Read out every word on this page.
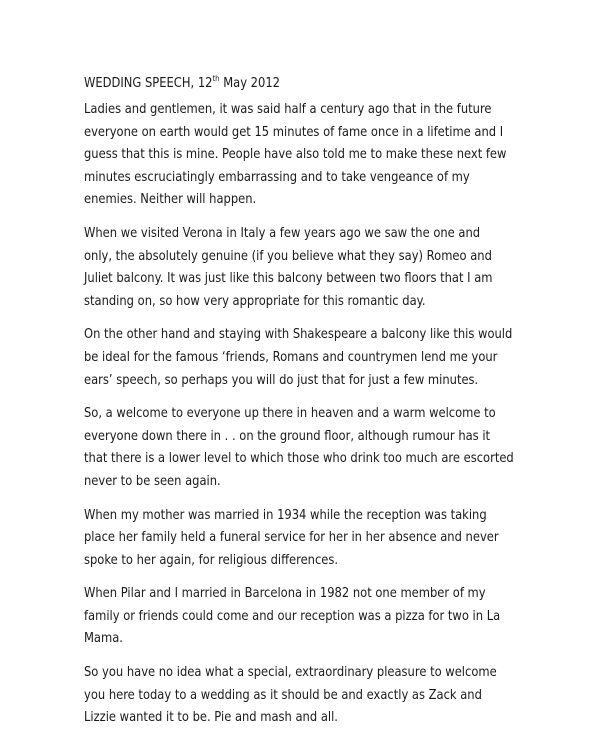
WEDDING SPEECH, 12th May 2012
Ladies and gentlemen, it was said half a century ago that in the future
everyone on earth would get 15 minutes of fame once in a lifetime and I
guess that this is mine. People have also told me to make these next few
minutes escruciatingly embarrassing and to take vengeance of my
enemies. Neither will happen.
When we visited Verona in Italy a few years ago we saw the one and
only, the absolutely genuine (if you believe what they say) Romeo and
Juliet balcony. It was just like this balcony between two floors that I am
standing on, so how very appropriate for this romantic day.
On the other hand and staying with Shakespeare a balcony like this would
be ideal for the famous ‘friends, Romans and countrymen lend me your
ears’ speech, so perhaps you will do just that for just a few minutes.
So, a welcome to everyone up there in heaven and a warm welcome to
everyone down there in . . on the ground floor, although rumour has it
that there is a lower level to which those who drink too much are escorted
never to be seen again.
When my mother was married in 1934 while the reception was taking
place her family held a funeral service for her in her absence and never
spoke to her again, for religious differences.
When Pilar and I married in Barcelona in 1982 not one member of my
family or friends could come and our reception was a pizza for two in La
Mama.
So you have no idea what a special, extraordinary pleasure to welcome
you here today to a wedding as it should be and exactly as Zack and
Lizzie wanted it to be. Pie and mash and all.
